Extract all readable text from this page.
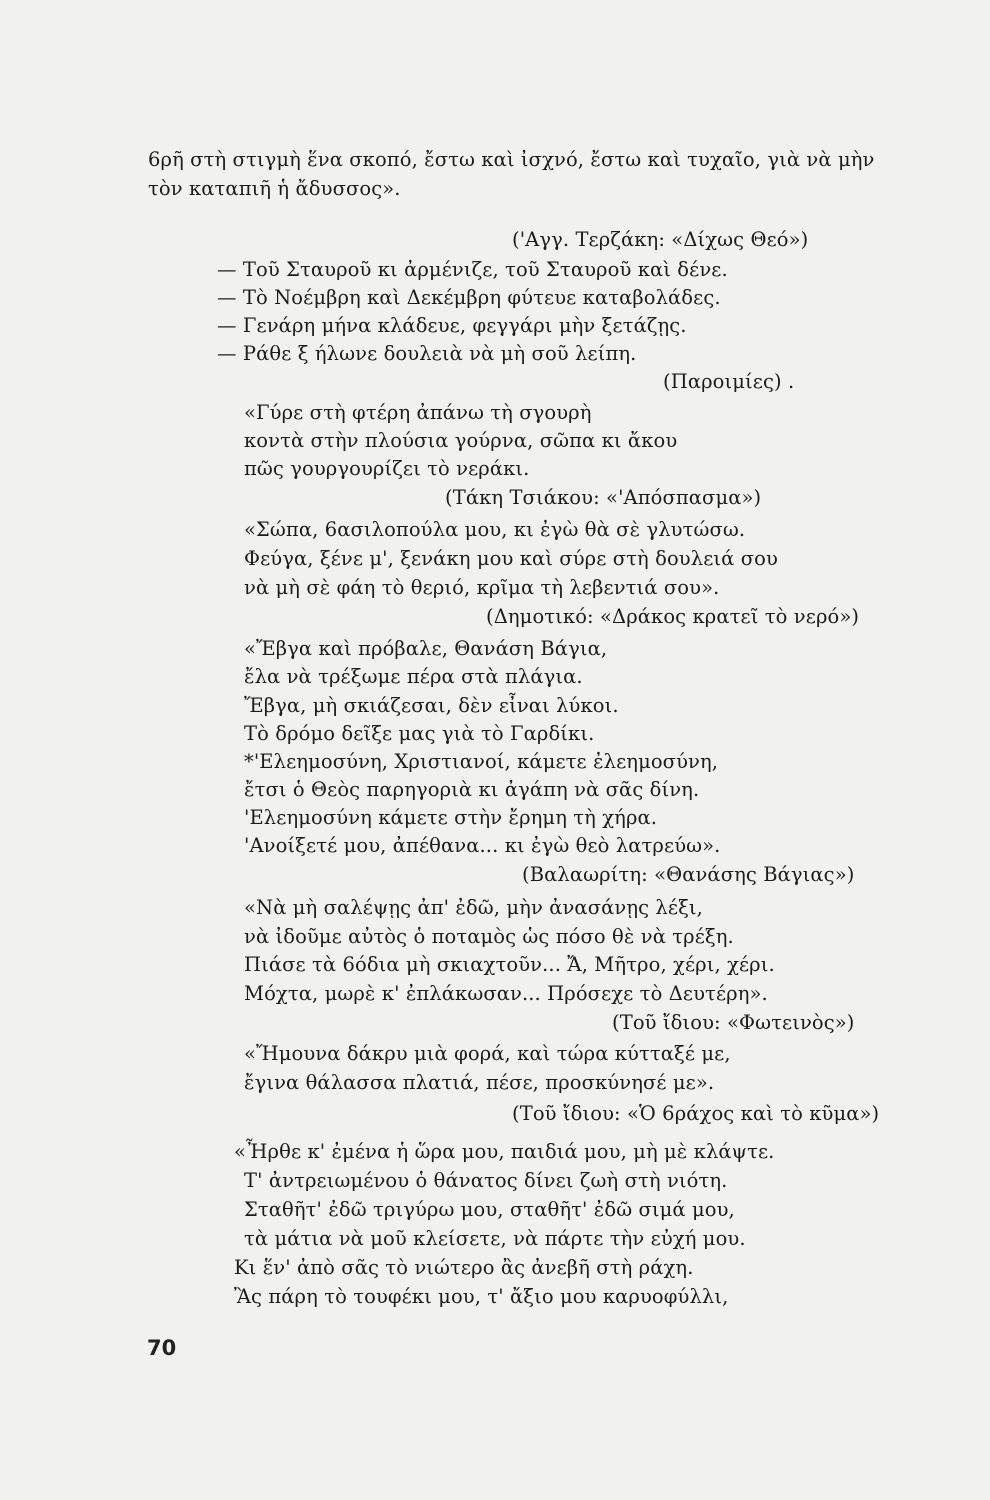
6ρῆ στὴ στιγμὴ ἕνα σκοπό, ἔστω καὶ ἰσχνό, ἔστω καὶ τυχαῖο, γιὰ νὰ μὴν
τὸν καταπιῆ ἡ ἄδυσσος».
('Αγγ. Τερζάκη: «Δίχως Θεό»)
— Τοῦ Σταυροῦ κι ἀρμένιζε, τοῦ Σταυροῦ καὶ δένε.
— Τὸ Νοέμβρη καὶ Δεκέμβρη φύτευε καταβολάδες.
— Γενάρη μήνα κλάδευε, φεγγάρι μὴν ξετάζῃς.
— Ράθε ξ ήλωνε δουλειὰ νὰ μὴ σοῦ λείπη.
(Παροιμίες) .
«Γύρε στὴ φτέρη ἀπάνω τὴ σγουρὴ
κοντὰ στὴν πλούσια γούρνα, σῶπα κι ἄκου
πῶς γουργουρίζει τὸ νεράκι.
(Τάκη Τσιάκου: «'Απόσπασμα»)
«Σώπα, 6ασιλοπούλα μου, κι ἐγὼ θὰ σὲ γλυτώσω.
Φεύγα, ξένε μ', ξενάκη μου καὶ σύρε στὴ δουλειά σου
νὰ μὴ σὲ φάη τὸ θεριό, κρῖμα τὴ λεβεντιά σου».
(Δημοτικό: «Δράκος κρατεῖ τὸ νερό»)
«Ἔβγα καὶ πρόβαλε, Θανάση Βάγια,
ἔλα νὰ τρέξωμε πέρα στὰ πλάγια.
Ἔβγα, μὴ σκιάζεσαι, δὲν εἶναι λύκοι.
Τὸ δρόμο δεῖξε μας γιὰ τὸ Γαρδίκι.
*'Ελεημοσύνη, Χριστιανοί, κάμετε ἐλεημοσύνη,
ἔτσι ὁ Θεὸς παρηγοριὰ κι ἀγάπη νὰ σᾶς δίνη.
'Ελεημοσύνη κάμετε στὴν ἔρημη τὴ χήρα.
'Ανοίξετέ μου, ἀπέθανα... κι ἐγὼ θεὸ λατρεύω».
(Βαλαωρίτη: «Θανάσης Βάγιας»)
«Νὰ μὴ σαλέψῃς ἀπ' ἐδῶ, μὴν ἀνασάνῃς λέξι,
νὰ ἰδοῦμε αὐτὸς ὁ ποταμὸς ὡς πόσο θὲ νὰ τρέξη.
Πιάσε τὰ 6όδια μὴ σκιαχτοῦν... Ἄ, Μῆτρο, χέρι, χέρι.
Μόχτα, μωρὲ κ' ἐπλάκωσαν... Πρόσεχε τὸ Δευτέρη».
(Τοῦ ἴδιου: «Φωτεινὸς»)
«Ἤμουνα δάκρυ μιὰ φορά, καὶ τώρα κύτταξέ με,
ἔγινα θάλασσα πλατιά, πέσε, προσκύνησέ με».
(Τοῦ ἴδιου: «Ὁ 6ράχος καὶ τὸ κῦμα»)
«Ἦρθε κ' ἐμένα ἡ ὥρα μου, παιδιά μου, μὴ μὲ κλάψτε.
Τ' ἀντρειωμένου ὁ θάνατος δίνει ζωὴ στὴ νιότη.
Σταθῆτ' ἐδῶ τριγύρω μου, σταθῆτ' ἐδῶ σιμά μου,
τὰ μάτια νὰ μοῦ κλείσετε, νὰ πάρτε τὴν εὐχή μου.
Κι ἕν' ἀπὸ σᾶς τὸ νιώτερο ἂς ἀνεβῆ στὴ ράχη.
Ἂς πάρη τὸ τουφέκι μου, τ' ἄξιο μου καρυοφύλλι,
70
